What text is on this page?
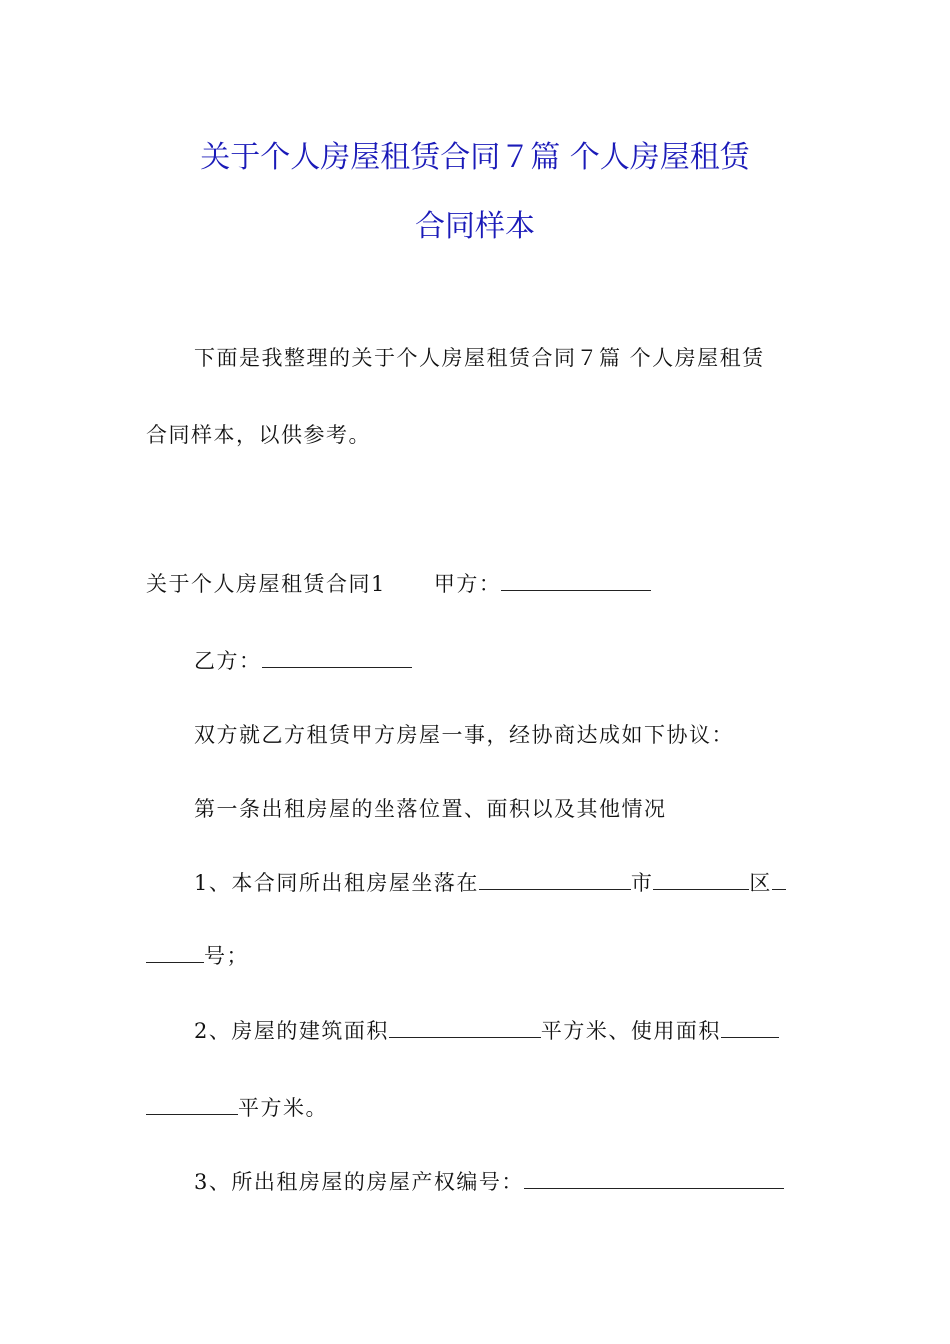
关于个人房屋租赁合同７篇 个人房屋租赁
合同样本
下面是我整理的关于个人房屋租赁合同７篇 个人房屋租赁
合同样本，以供参考。
关于个人房屋租赁合同1 甲方：
乙方：
双方就乙方租赁甲方房屋一事，经协商达成如下协议：
第一条出租房屋的坐落位置、面积以及其他情况
1、本合同所出租房屋坐落在	市	区
号；
2、房屋的建筑面积	平方米、使用面积
平方米。
3、所出租房屋的房屋产权编号：
